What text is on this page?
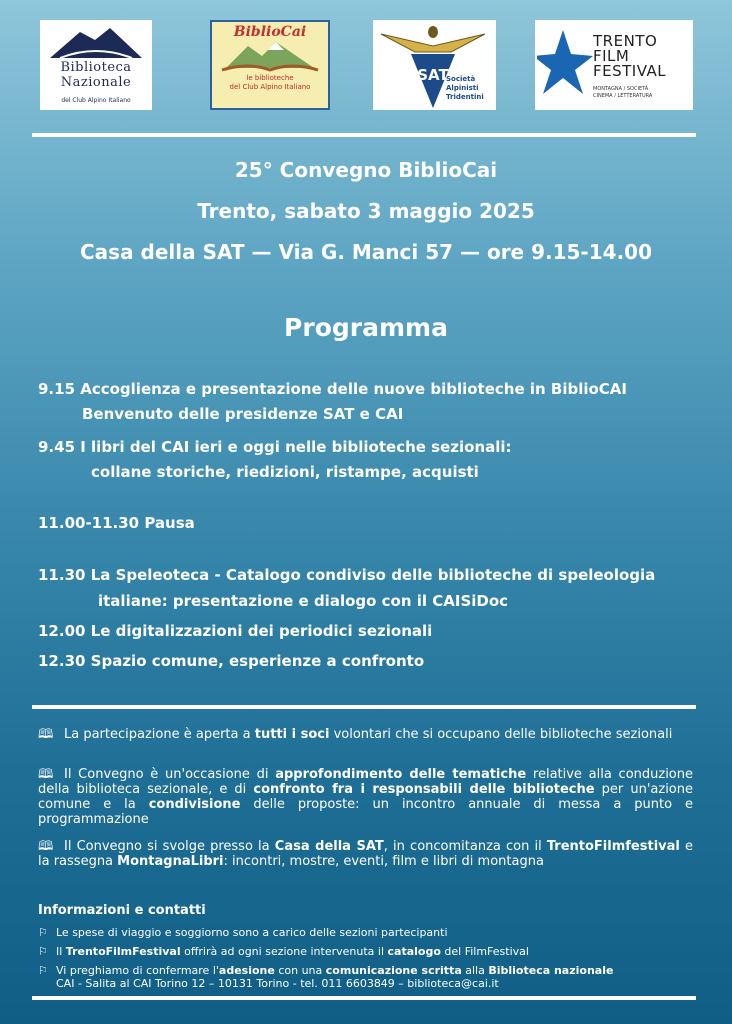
Biblioteca
Nazionale
del Club Alpino Italiano
BiblioCai
le biblioteche
del Club Alpino Italiano
SAT
Società
Alpinisti
Tridentini
TRENTO
FILM
FESTIVAL
MONTAGNA / SOCIETÀ
CINEMA / LETTERATURA
25° Convegno BiblioCai
Trento, sabato 3 maggio 2025
Casa della SAT — Via G. Manci 57 — ore 9.15-14.00
Programma
9.15 Accoglienza e presentazione delle nuove biblioteche in BiblioCAI
Benvenuto delle presidenze SAT e CAI
9.45 I libri del CAI ieri e oggi nelle biblioteche sezionali:
collane storiche, riedizioni, ristampe, acquisti
11.00-11.30 Pausa
11.30 La Speleoteca - Catalogo condiviso delle biblioteche di speleologia
italiane: presentazione e dialogo con il CAISiDoc
12.00 Le digitalizzazioni dei periodici sezionali
12.30 Spazio comune, esperienze a confronto
🕮 La partecipazione è aperta a tutti i soci volontari che si occupano delle biblioteche sezionali
🕮 Il Convegno è un'occasione di approfondimento delle tematiche relative alla conduzione della biblioteca sezionale, e di confronto fra i responsabili delle biblioteche per un'azione comune e la condivisione delle proposte: un incontro annuale di messa a punto e programmazione
🕮 Il Convegno si svolge presso la Casa della SAT, in concomitanza con il TrentoFilmfestival e la rassegna MontagnaLibri: incontri, mostre, eventi, film e libri di montagna
Informazioni e contatti
⚐ Le spese di viaggio e soggiorno sono a carico delle sezioni partecipanti
⚐ Il TrentoFilmFestival offrirà ad ogni sezione intervenuta il catalogo del FilmFestival
⚐ Vi preghiamo di confermare l'adesione con una comunicazione scritta alla Biblioteca nazionale
CAI - Salita al CAI Torino 12 – 10131 Torino - tel. 011 6603849 – biblioteca@cai.it
